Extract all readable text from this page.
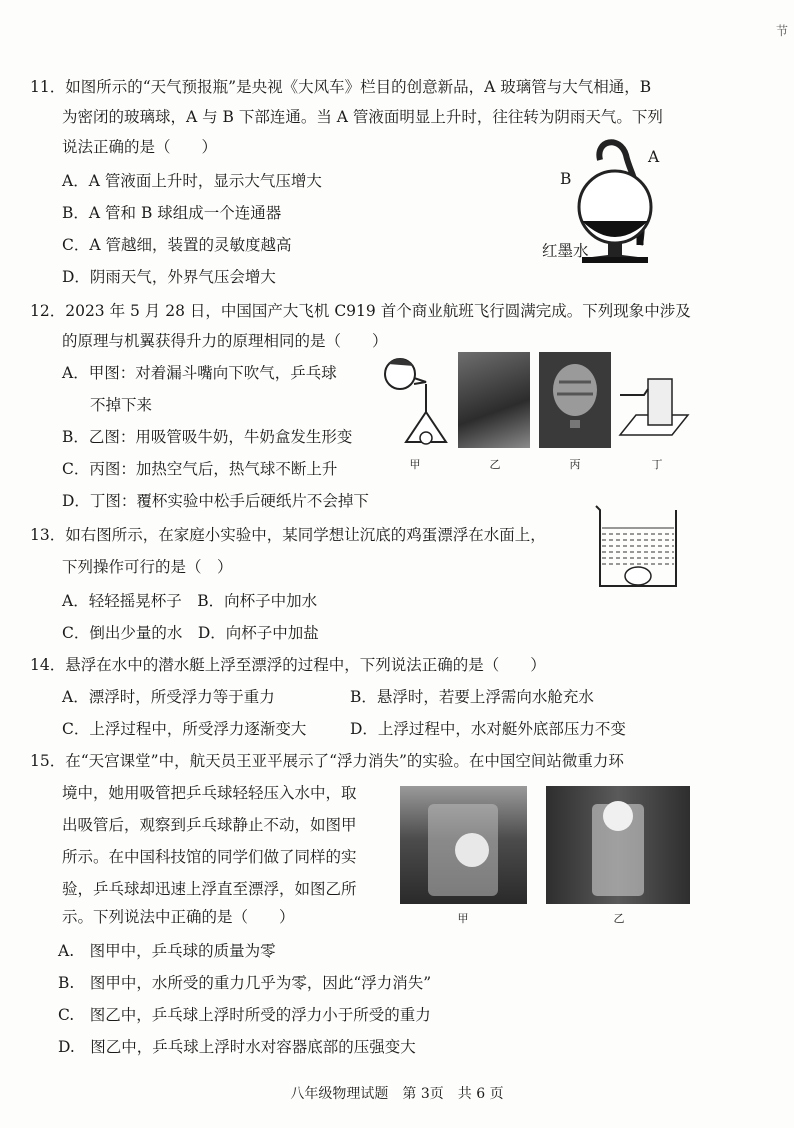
节
11．如图所示的“天气预报瓶”是央视《大风车》栏目的创意新品，A 玻璃管与大气相通，B
为密闭的玻璃球，A 与 B 下部连通。当 A 管液面明显上升时，往往转为阴雨天气。下列
说法正确的是（　　）
A．A 管液面上升时，显示大气压增大
B．A 管和 B 球组成一个连通器
C．A 管越细，装置的灵敏度越高
D．阴雨天气，外界气压会增大
B
A
红墨水
12．2023 年 5 月 28 日，中国国产大飞机 C919 首个商业航班飞行圆满完成。下列现象中涉及
的原理与机翼获得升力的原理相同的是（　　）
A．甲图：对着漏斗嘴向下吹气，乒乓球
不掉下来
B．乙图：用吸管吸牛奶，牛奶盒发生形变
C．丙图：加热空气后，热气球不断上升
D．丁图：覆杯实验中松手后硬纸片不会掉下
甲	乙	丙	丁
13．如右图所示，在家庭小实验中，某同学想让沉底的鸡蛋漂浮在水面上，
下列操作可行的是（　）
A．轻轻摇晃杯子　B．向杯子中加水
C．倒出少量的水　D．向杯子中加盐
14．悬浮在水中的潜水艇上浮至漂浮的过程中，下列说法正确的是（　　）
A．漂浮时，所受浮力等于重力	B．悬浮时，若要上浮需向水舱充水
C．上浮过程中，所受浮力逐渐变大	D．上浮过程中，水对艇外底部压力不变
15．在“天宫课堂”中，航天员王亚平展示了“浮力消失”的实验。在中国空间站微重力环
境中，她用吸管把乒乓球轻轻压入水中，取
出吸管后，观察到乒乓球静止不动，如图甲
所示。在中国科技馆的同学们做了同样的实
验，乒乓球却迅速上浮直至漂浮，如图乙所
示。下列说法中正确的是（　　）	甲	乙
A.　图甲中，乒乓球的质量为零
B.　图甲中，水所受的重力几乎为零，因此“浮力消失”
C.　图乙中，乒乓球上浮时所受的浮力小于所受的重力
D.　图乙中，乒乓球上浮时水对容器底部的压强变大
八年级物理试题　第 3页　共 6 页
